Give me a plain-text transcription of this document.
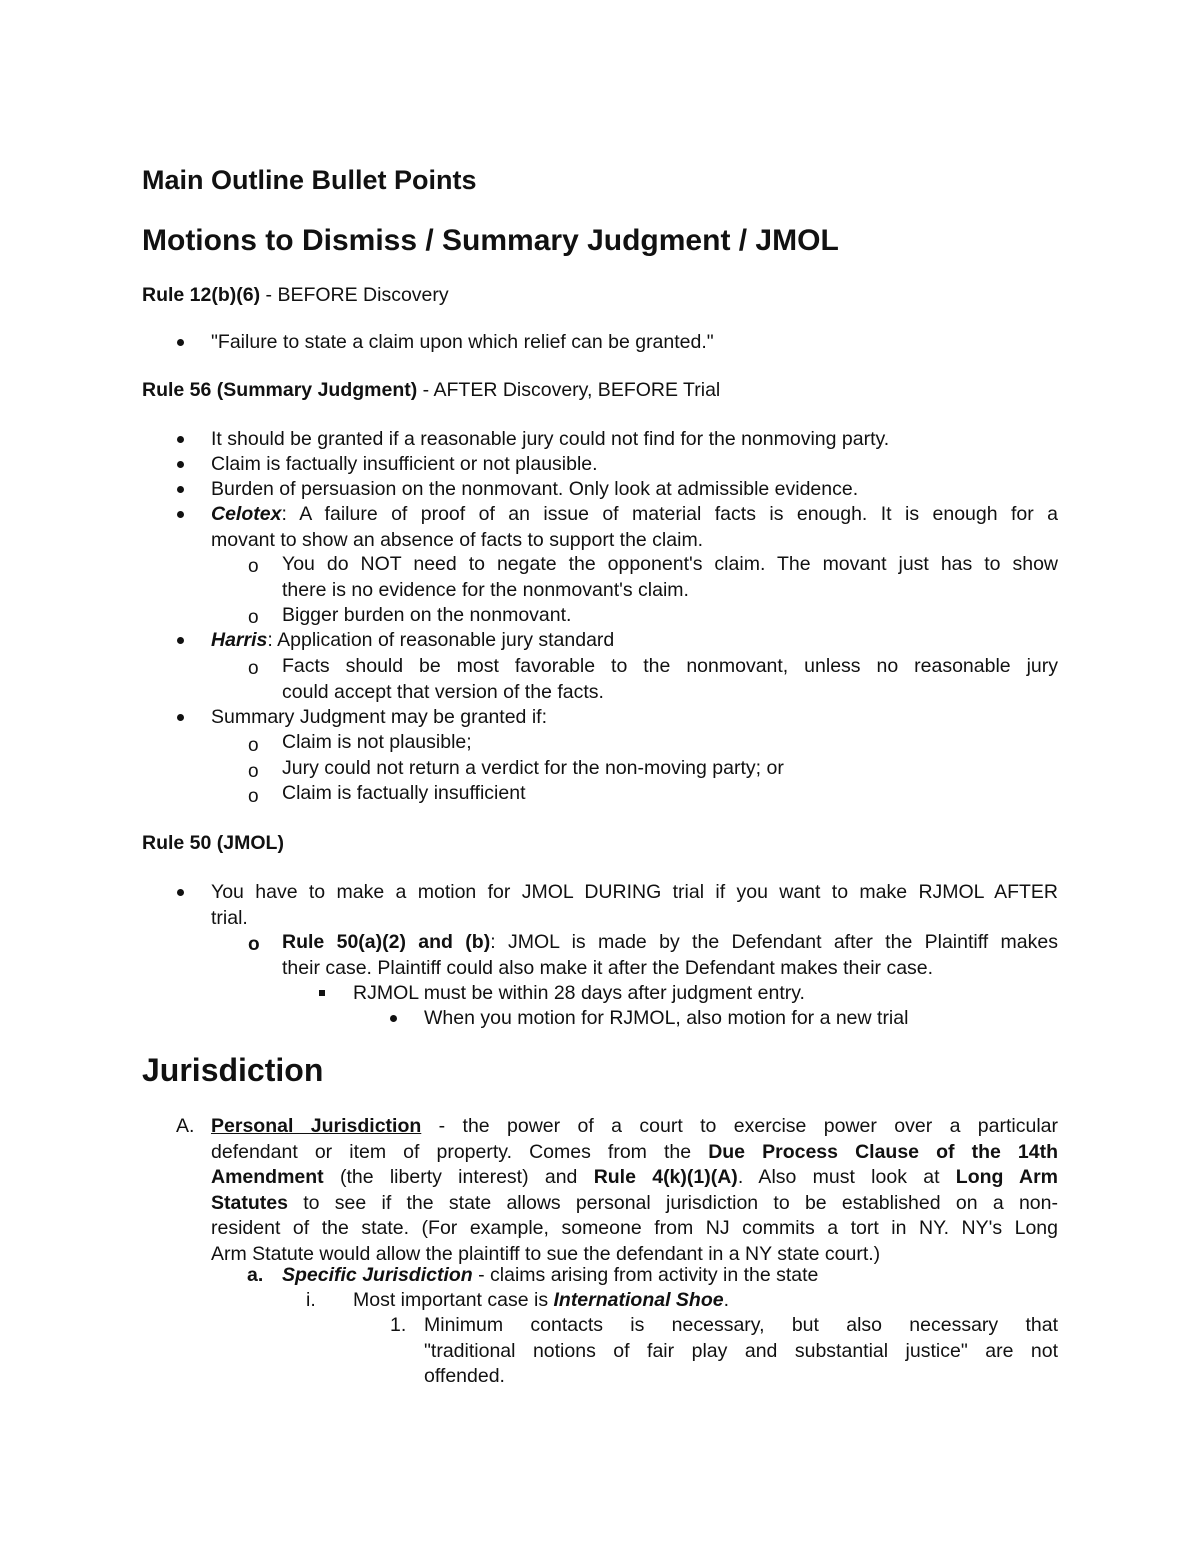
Main Outline Bullet Points
Motions to Dismiss / Summary Judgment / JMOL
Rule 12(b)(6) - BEFORE Discovery
"Failure to state a claim upon which relief can be granted."
Rule 56 (Summary Judgment) - AFTER Discovery, BEFORE Trial
It should be granted if a reasonable jury could not find for the nonmoving party.
Claim is factually insufficient or not plausible.
Burden of persuasion on the nonmovant. Only look at admissible evidence.
Celotex: A failure of proof of an issue of material facts is enough. It is enough for a
movant to show an absence of facts to support the claim.
o You do NOT need to negate the opponent's claim. The movant just has to show
there is no evidence for the nonmovant's claim.
o Bigger burden on the nonmovant.
Harris: Application of reasonable jury standard
o Facts should be most favorable to the nonmovant, unless no reasonable jury
could accept that version of the facts.
Summary Judgment may be granted if:
o Claim is not plausible;
o Jury could not return a verdict for the non-moving party; or
o Claim is factually insufficient
Rule 50 (JMOL)
You have to make a motion for JMOL DURING trial if you want to make RJMOL AFTER
trial.
o Rule 50(a)(2) and (b): JMOL is made by the Defendant after the Plaintiff makes
their case. Plaintiff could also make it after the Defendant makes their case.
RJMOL must be within 28 days after judgment entry.
When you motion for RJMOL, also motion for a new trial
Jurisdiction
A. Personal Jurisdiction - the power of a court to exercise power over a particular
defendant or item of property. Comes from the Due Process Clause of the 14th
Amendment (the liberty interest) and Rule 4(k)(1)(A). Also must look at Long Arm
Statutes to see if the state allows personal jurisdiction to be established on a non-
resident of the state. (For example, someone from NJ commits a tort in NY. NY's Long
Arm Statute would allow the plaintiff to sue the defendant in a NY state court.)
a. Specific Jurisdiction - claims arising from activity in the state
i. Most important case is International Shoe.
1. Minimum contacts is necessary, but also necessary that
"traditional notions of fair play and substantial justice" are not
offended.
